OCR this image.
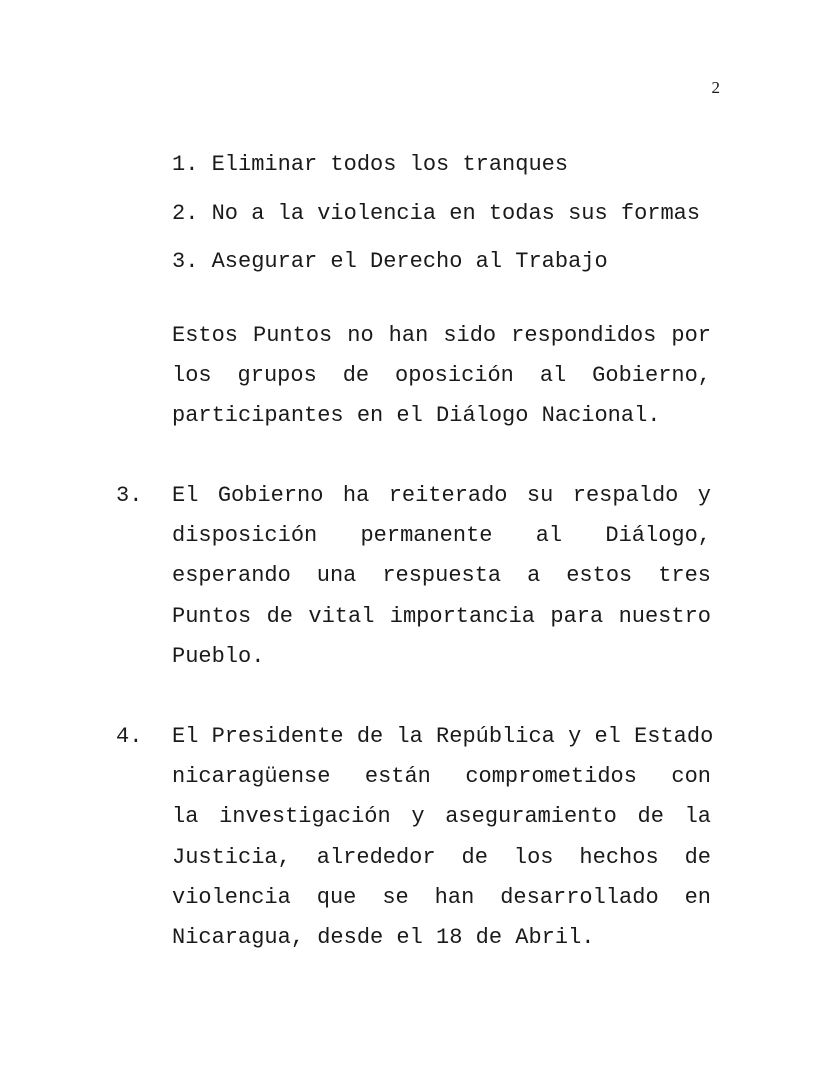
2
1. Eliminar todos los tranques
2. No a la violencia en todas sus formas
3. Asegurar el Derecho al Trabajo
Estos Puntos no han sido respondidos por
los grupos de oposición al Gobierno,
participantes en el Diálogo Nacional.
3. El Gobierno ha reiterado su respaldo y
disposición permanente al Diálogo,
esperando una respuesta a estos tres
Puntos de vital importancia para nuestro
Pueblo.
4. El Presidente de la República y el Estado
nicaragüense están comprometidos con
la investigación y aseguramiento de la
Justicia, alrededor de los hechos de
violencia que se han desarrollado en
Nicaragua, desde el 18 de Abril.
